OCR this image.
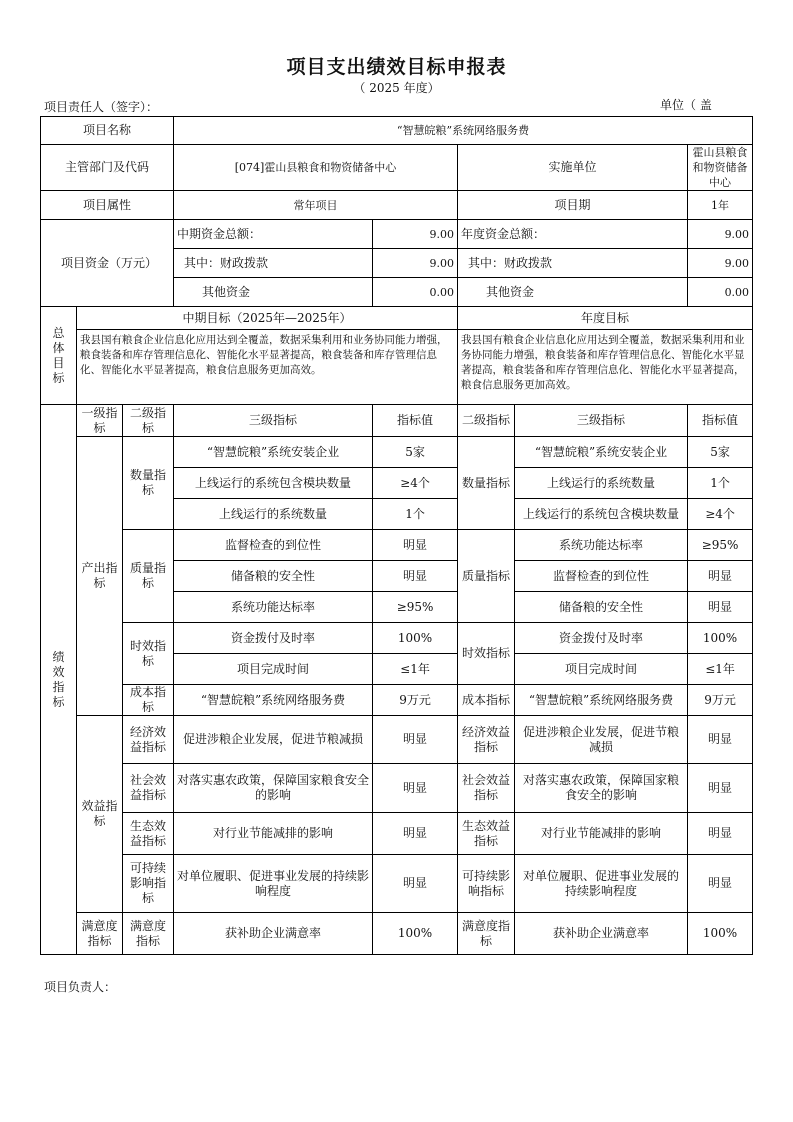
项目支出绩效目标申报表
（ 2025 年度）
项目责任人（签字）：	单位（ 盖
项目名称			“智慧皖粮”系统网络服务费				
主管部门及代码			[074]霍山县粮食和物资储备中心		实施单位		霍山县粮食和物资储备中心
项目属性			常年项目		项目期		1年
项目资金（万元）			中期资金总额：	9.00	年度资金总额：		9.00
			其中：财政拨款	9.00	其中：财政拨款		9.00
			其他资金	0.00	其他资金		0.00
总体目标	中期目标（2025年—2025年）				年度目标		
	我县国有粮食企业信息化应用达到全覆盖，数据采集利用和业务协同能力增强，粮食装备和库存管理信息化、智能化水平显著提高，粮食装备和库存管理信息化、智能化水平显著提高，粮食信息服务更加高效。				我县国有粮食企业信息化应用达到全覆盖，数据采集利用和业务协同能力增强，粮食装备和库存管理信息化、智能化水平显著提高，粮食装备和库存管理信息化、智能化水平显著提高，粮食信息服务更加高效。		
绩效指标	一级指标	二级指标	三级指标	指标值	二级指标	三级指标	指标值
	产出指标	数量指标	“智慧皖粮”系统安装企业	5家	数量指标	“智慧皖粮”系统安装企业	5家
			上线运行的系统包含模块数量	≥4个		上线运行的系统数量	1个
			上线运行的系统数量	1个		上线运行的系统包含模块数量	≥4个
		质量指标	监督检查的到位性	明显	质量指标	系统功能达标率	≥95%
			储备粮的安全性	明显		监督检查的到位性	明显
			系统功能达标率	≥95%		储备粮的安全性	明显
		时效指标	资金拨付及时率	100%	时效指标	资金拨付及时率	100%
			项目完成时间	≤1年		项目完成时间	≤1年
		成本指标	“智慧皖粮”系统网络服务费	9万元	成本指标	“智慧皖粮”系统网络服务费	9万元
	效益指标	经济效益指标	促进涉粮企业发展，促进节粮减损	明显	经济效益指标	促进涉粮企业发展，促进节粮减损	明显
		社会效益指标	对落实惠农政策，保障国家粮食安全的影响	明显	社会效益指标	对落实惠农政策，保障国家粮食安全的影响	明显
		生态效益指标	对行业节能减排的影响	明显	生态效益指标	对行业节能减排的影响	明显
		可持续影响指标	对单位履职、促进事业发展的持续影响程度	明显	可持续影响指标	对单位履职、促进事业发展的持续影响程度	明显
	满意度指标	满意度指标	获补助企业满意率	100%	满意度指标	获补助企业满意率	100%
项目负责人：
